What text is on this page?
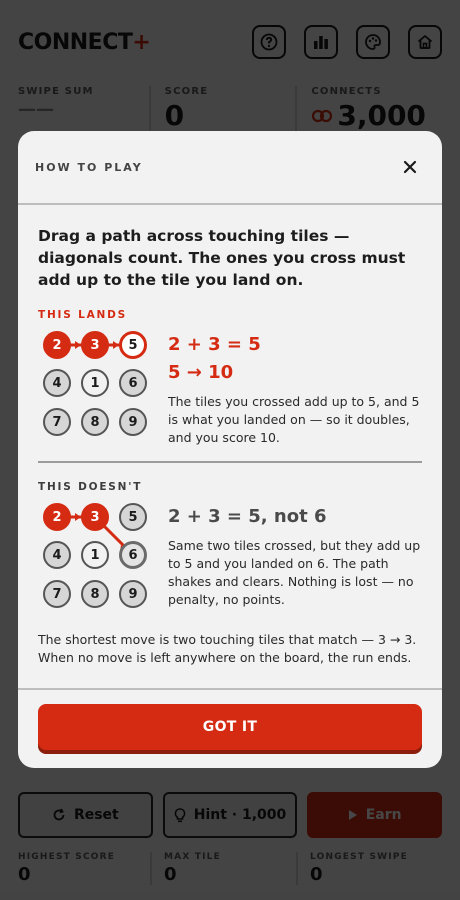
HOW TO PLAY
Drag a path across touching tiles — diagonals count. The ones you cross must add up to the tile you land on.
THIS LANDS
2	3	5
4	1	6
7	8	9
2 + 3 = 5
5 → 10
The tiles you crossed add up to 5, and 5 is what you landed on — so it doubles, and you score 10.
THIS DOESN'T
2	3	5
4	1	6
7	8	9
2 + 3 = 5, not 6
Same two tiles crossed, but they add up to 5 and you landed on 6. The path shakes and clears. Nothing is lost — no penalty, no points.
The shortest move is two touching tiles that match — 3 → 3. When no move is left anywhere on the board, the run ends.
GOT IT
